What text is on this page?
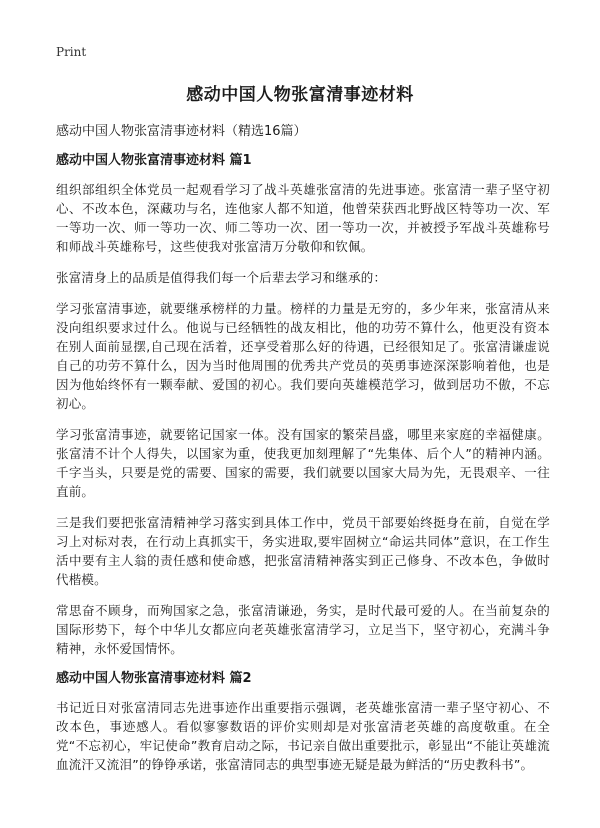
Print
感动中国人物张富清事迹材料

感动中国人物张富清事迹材料（精选16篇）

感动中国人物张富清事迹材料 篇1

组织部组织全体党员一起观看学习了战斗英雄张富清的先进事迹。张富清一辈子坚守初心、不改本色，深藏功与名，连他家人都不知道，他曾荣获西北野战区特等功一次、军一等功一次、师一等功一次、师二等功一次、团一等功一次，并被授予军战斗英雄称号和师战斗英雄称号，这些使我对张富清万分敬仰和钦佩。

张富清身上的品质是值得我们每一个后辈去学习和继承的：

学习张富清事迹，就要继承榜样的力量。榜样的力量是无穷的，多少年来，张富清从来没向组织要求过什么。他说与已经牺牲的战友相比，他的功劳不算什么，他更没有资本在别人面前显摆,自己现在活着，还享受着那么好的待遇，已经很知足了。张富清谦虚说自己的功劳不算什么，因为当时他周围的优秀共产党员的英勇事迹深深影响着他，也是因为他始终怀有一颗奉献、爱国的初心。我们要向英雄模范学习，做到居功不傲，不忘初心。

学习张富清事迹，就要铭记国家一体。没有国家的繁荣昌盛，哪里来家庭的幸福健康。张富清不计个人得失，以国家为重，使我更加刻理解了“先集体、后个人”的精神内涵。千字当头，只要是党的需要、国家的需要，我们就要以国家大局为先，无畏艰辛、一往直前。

三是我们要把张富清精神学习落实到具体工作中，党员干部要始终挺身在前，自觉在学习上对标对表，在行动上真抓实干，务实进取,要牢固树立“命运共同体”意识，在工作生活中要有主人翁的责任感和使命感，把张富清精神落实到正己修身、不改本色，争做时代楷模。

常思奋不顾身，而殉国家之急，张富清谦逊，务实，是时代最可爱的人。在当前复杂的国际形势下，每个中华儿女都应向老英雄张富清学习，立足当下，坚守初心，充满斗争精神，永怀爱国情怀。

感动中国人物张富清事迹材料 篇2

书记近日对张富清同志先进事迹作出重要指示强调，老英雄张富清一辈子坚守初心、不改本色，事迹感人。看似寥寥数语的评价实则却是对张富清老英雄的高度敬重。在全党“不忘初心，牢记使命”教育启动之际，书记亲自做出重要批示，彰显出“不能让英雄流血流汗又流泪”的铮铮承诺，张富清同志的典型事迹无疑是最为鲜活的“历史教科书”。
